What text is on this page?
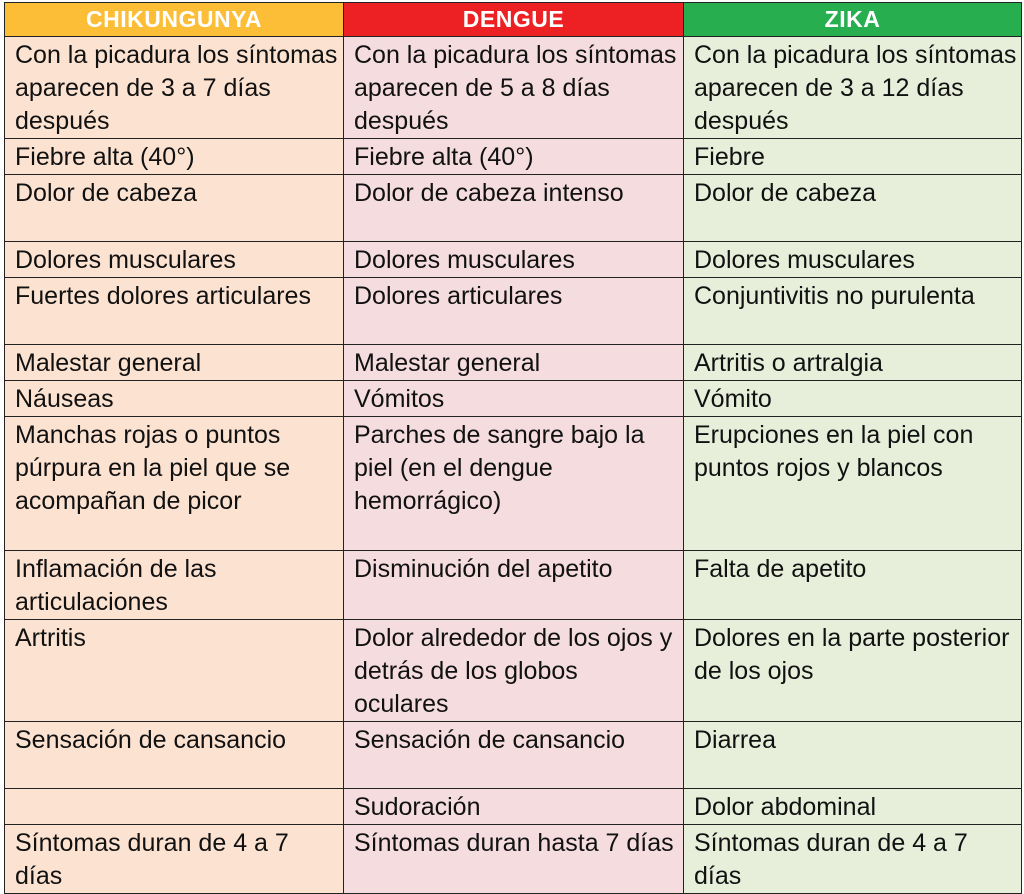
CHIKUNGUNYA	DENGUE	ZIKA
Con la picadura los síntomas aparecen de 3 a 7 días después	Con la picadura los síntomas aparecen de 5 a 8 días después	Con la picadura los síntomas aparecen de 3 a 12 días después
Fiebre alta (40°)	Fiebre alta (40°)	Fiebre
Dolor de cabeza	Dolor de cabeza intenso	Dolor de cabeza
Dolores musculares	Dolores musculares	Dolores musculares
Fuertes dolores articulares	Dolores articulares	Conjuntivitis no purulenta
Malestar general	Malestar general	Artritis o artralgia
Náuseas	Vómitos	Vómito
Manchas rojas o puntos púrpura en la piel que se acompañan de picor	Parches de sangre bajo la piel (en el dengue hemorrágico)	Erupciones en la piel con puntos rojos y blancos
Inflamación de las articulaciones	Disminución del apetito	Falta de apetito
Artritis	Dolor alrededor de los ojos y detrás de los globos oculares	Dolores en la parte posterior de los ojos
Sensación de cansancio	Sensación de cansancio	Diarrea
	Sudoración	Dolor abdominal
Síntomas duran de 4 a 7 días	Síntomas duran hasta 7 días	Síntomas duran de 4 a 7 días
